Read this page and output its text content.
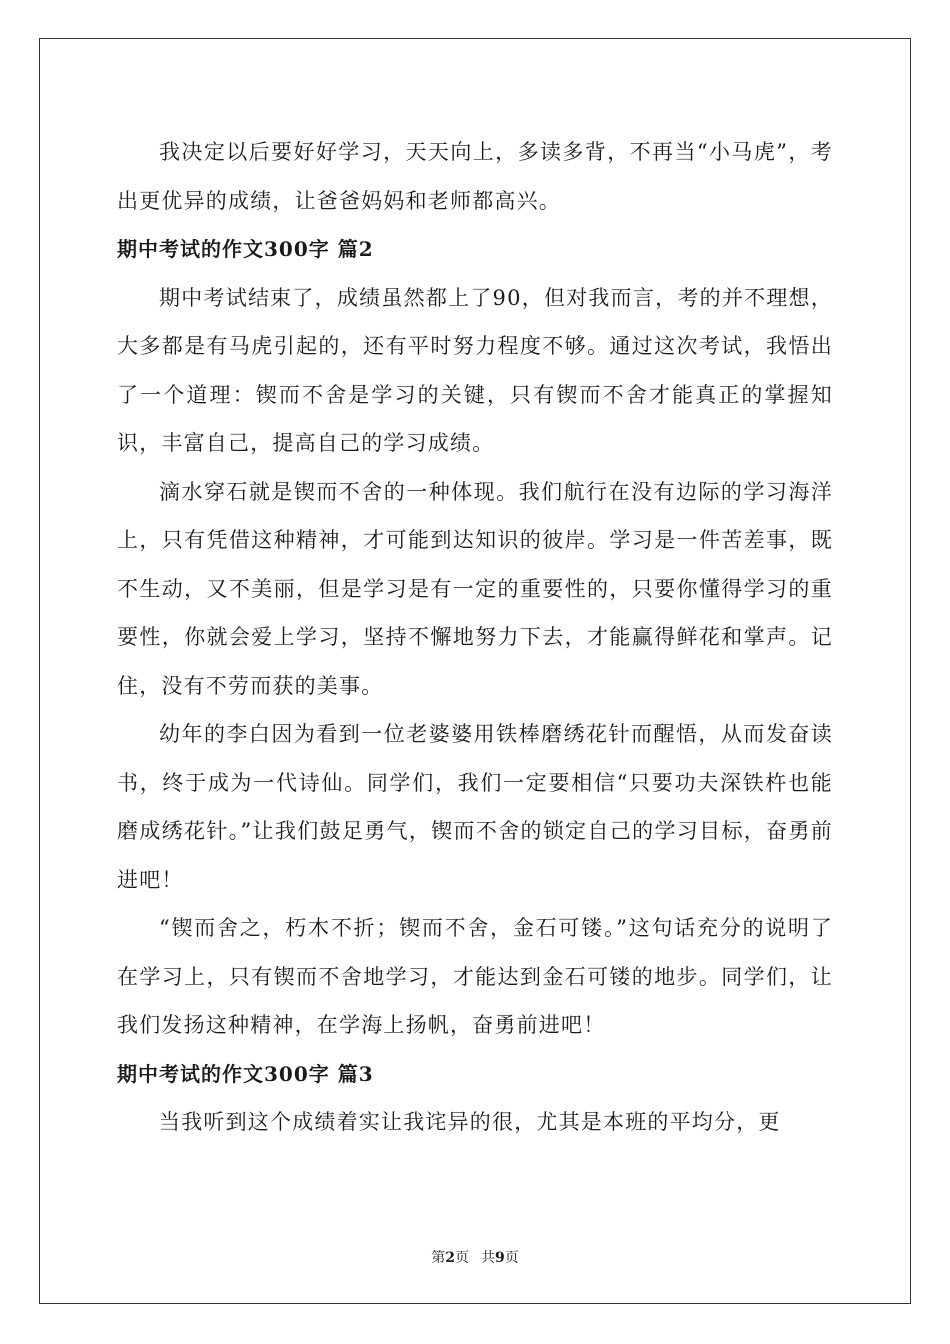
我决定以后要好好学习，天天向上，多读多背，不再当“小马虎”，考出更优异的成绩，让爸爸妈妈和老师都高兴。

期中考试的作文300字 篇2

期中考试结束了，成绩虽然都上了90，但对我而言，考的并不理想，大多都是有马虎引起的，还有平时努力程度不够。通过这次考试，我悟出了一个道理：锲而不舍是学习的关键，只有锲而不舍才能真正的掌握知识，丰富自己，提高自己的学习成绩。

滴水穿石就是锲而不舍的一种体现。我们航行在没有边际的学习海洋上，只有凭借这种精神，才可能到达知识的彼岸。学习是一件苦差事，既不生动，又不美丽，但是学习是有一定的重要性的，只要你懂得学习的重要性，你就会爱上学习，坚持不懈地努力下去，才能赢得鲜花和掌声。记住，没有不劳而获的美事。

幼年的李白因为看到一位老婆婆用铁棒磨绣花针而醒悟，从而发奋读书，终于成为一代诗仙。同学们，我们一定要相信“只要功夫深铁杵也能磨成绣花针。”让我们鼓足勇气，锲而不舍的锁定自己的学习目标，奋勇前进吧！

“锲而舍之，朽木不折；锲而不舍，金石可镂。”这句话充分的说明了在学习上，只有锲而不舍地学习，才能达到金石可镂的地步。同学们，让我们发扬这种精神，在学海上扬帆，奋勇前进吧！

期中考试的作文300字 篇3

当我听到这个成绩着实让我诧异的很，尤其是本班的平均分，更

第2页 共9页
